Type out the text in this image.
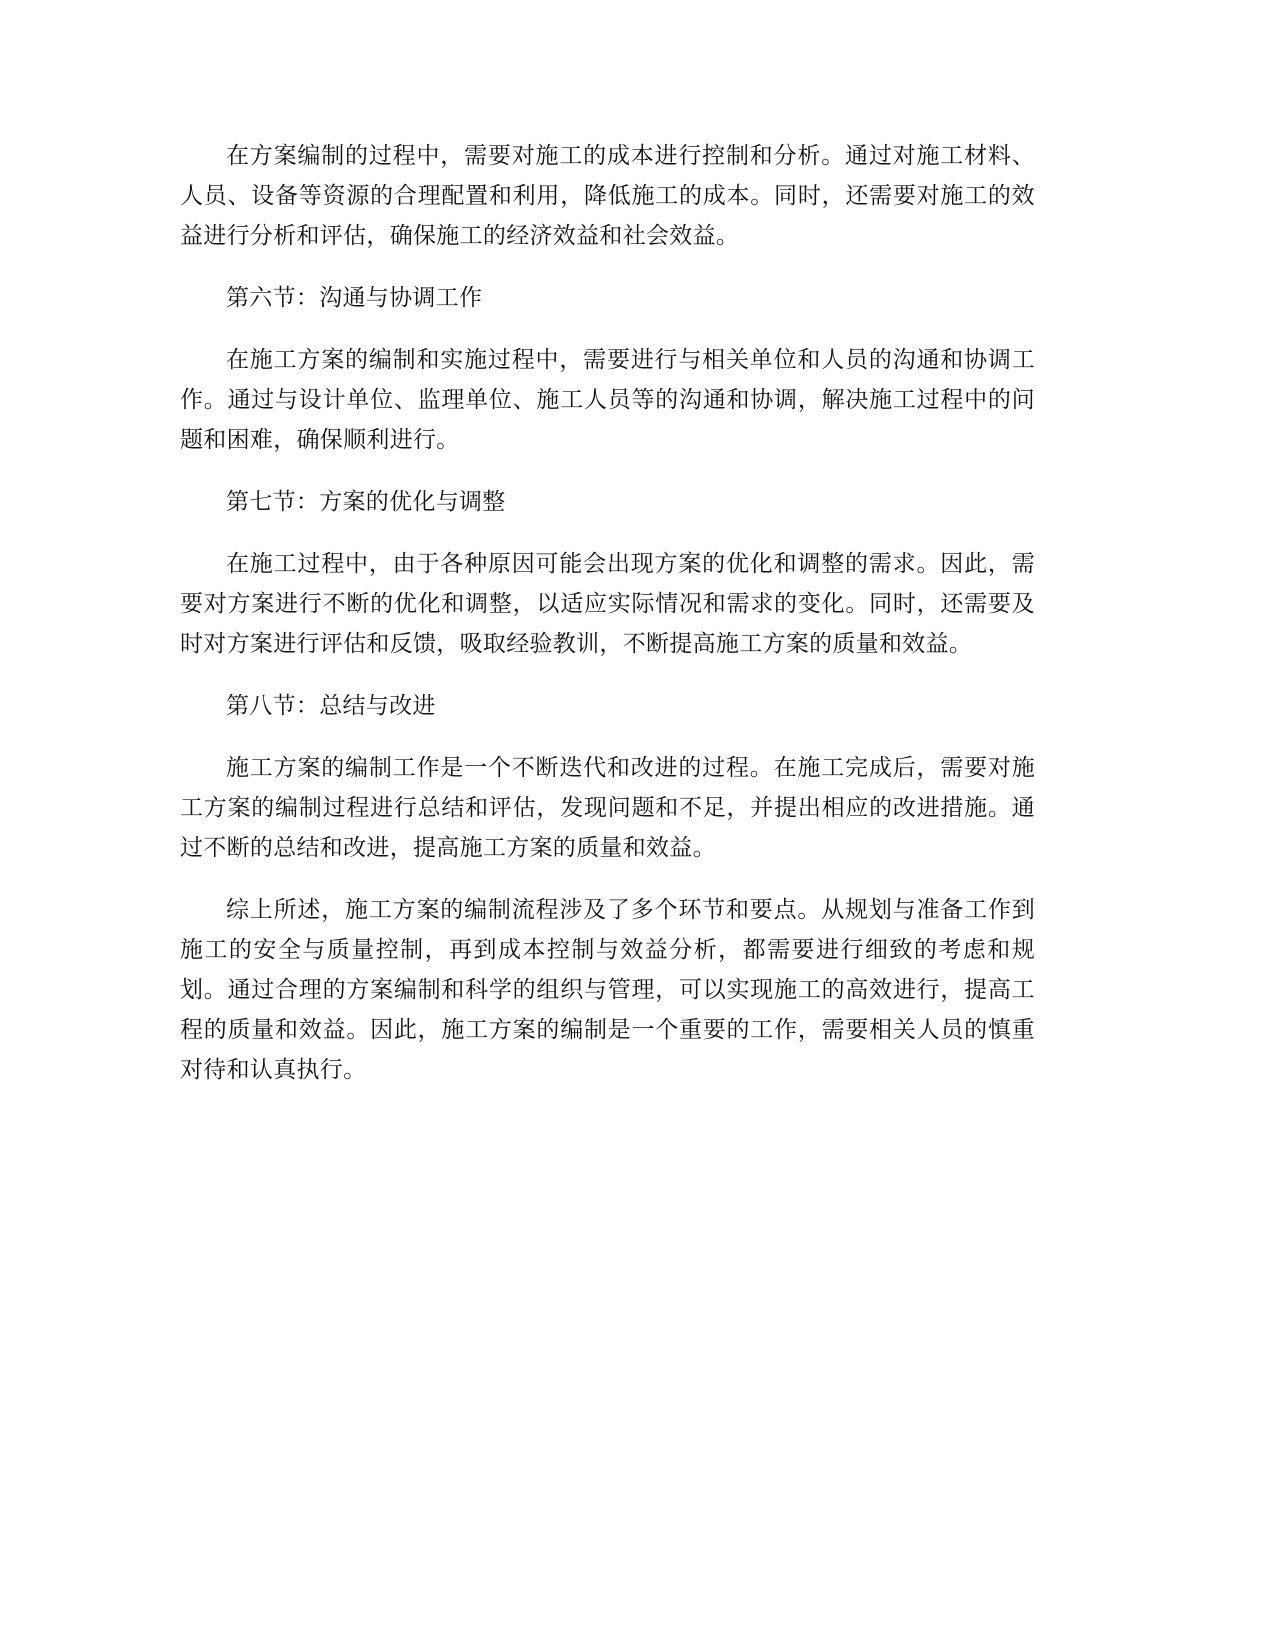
在方案编制的过程中，需要对施工的成本进行控制和分析。通过对施工材料、人员、设备等资源的合理配置和利用，降低施工的成本。同时，还需要对施工的效益进行分析和评估，确保施工的经济效益和社会效益。

第六节：沟通与协调工作

在施工方案的编制和实施过程中，需要进行与相关单位和人员的沟通和协调工作。通过与设计单位、监理单位、施工人员等的沟通和协调，解决施工过程中的问题和困难，确保顺利进行。

第七节：方案的优化与调整

在施工过程中，由于各种原因可能会出现方案的优化和调整的需求。因此，需要对方案进行不断的优化和调整，以适应实际情况和需求的变化。同时，还需要及时对方案进行评估和反馈，吸取经验教训，不断提高施工方案的质量和效益。

第八节：总结与改进

施工方案的编制工作是一个不断迭代和改进的过程。在施工完成后，需要对施工方案的编制过程进行总结和评估，发现问题和不足，并提出相应的改进措施。通过不断的总结和改进，提高施工方案的质量和效益。

综上所述，施工方案的编制流程涉及了多个环节和要点。从规划与准备工作到施工的安全与质量控制，再到成本控制与效益分析，都需要进行细致的考虑和规划。通过合理的方案编制和科学的组织与管理，可以实现施工的高效进行，提高工程的质量和效益。因此，施工方案的编制是一个重要的工作，需要相关人员的慎重对待和认真执行。
